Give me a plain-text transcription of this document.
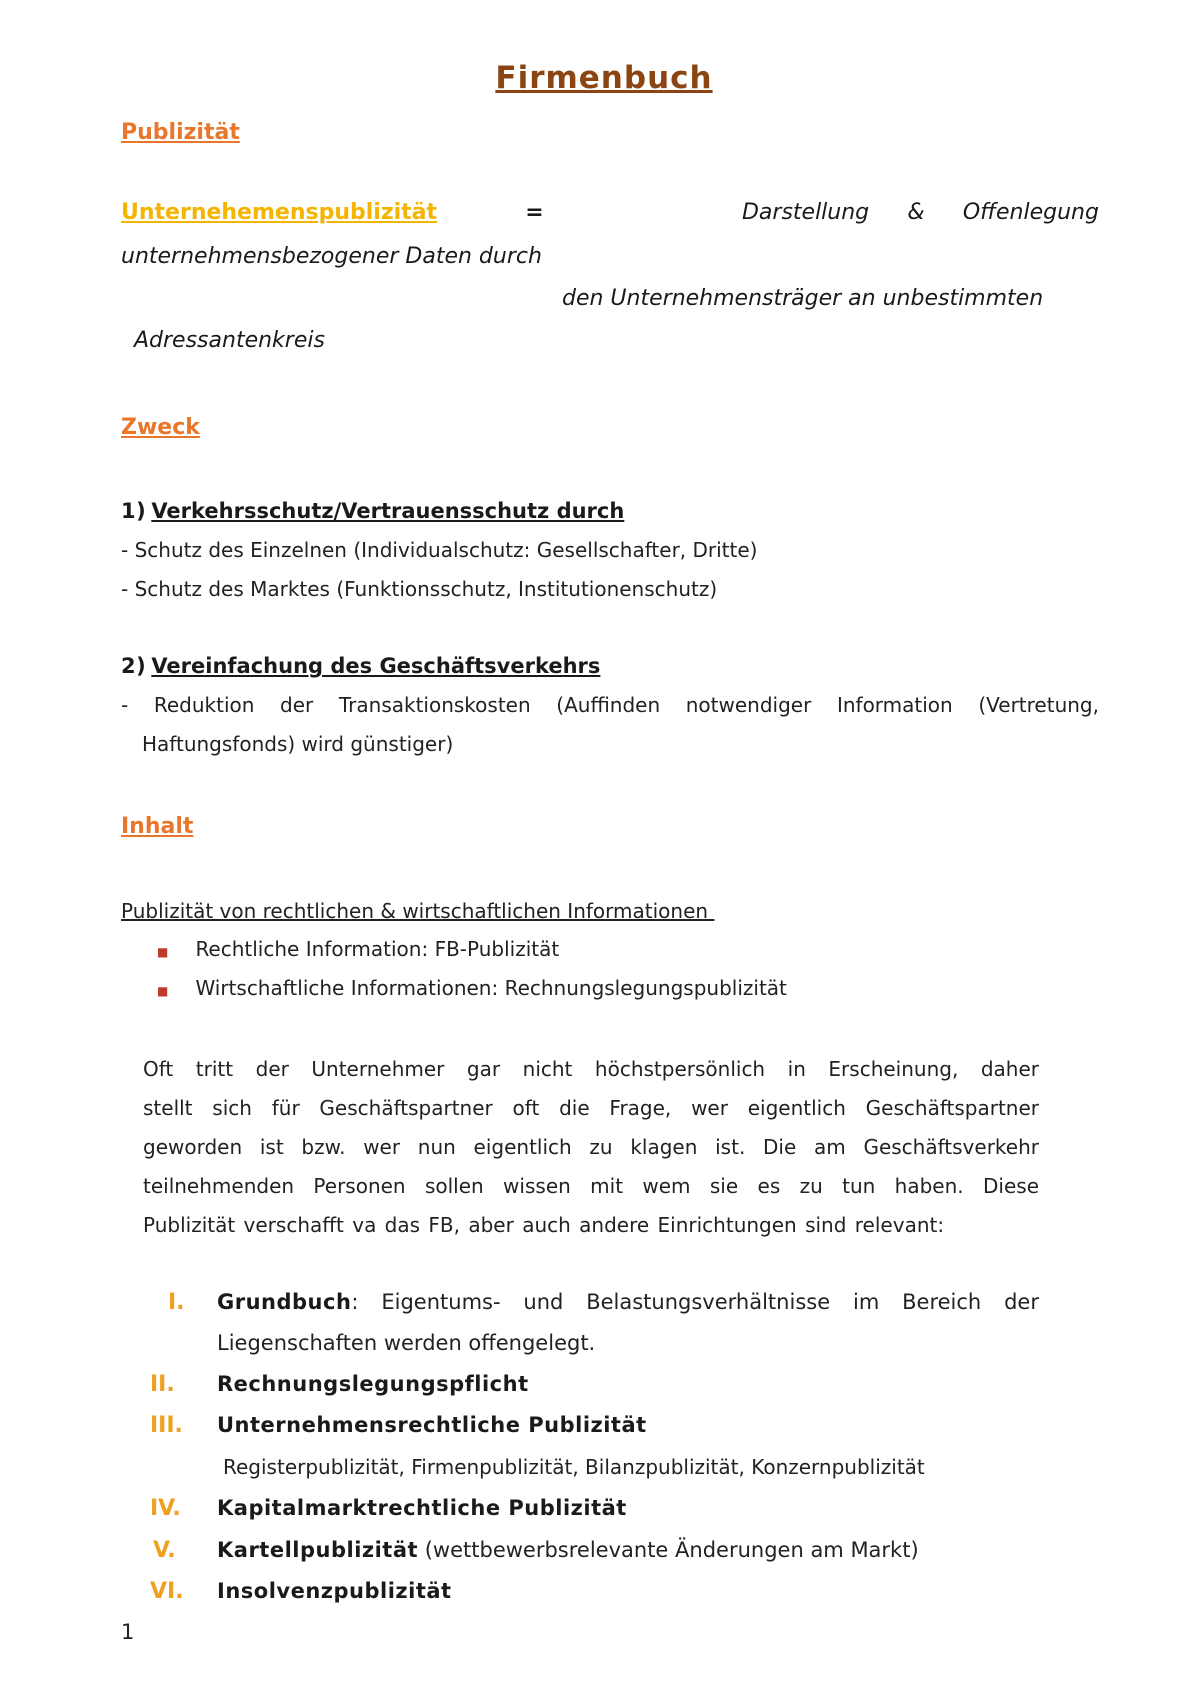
Firmenbuch
Publizität
Unternehemenspublizität	=	Darstellung & Offenlegung
unternehmensbezogener Daten durch
den Unternehmensträger an unbestimmten
Adressantenkreis
Zweck
1) Verkehrsschutz/Vertrauensschutz durch
- Schutz des Einzelnen (Individualschutz: Gesellschafter, Dritte)
- Schutz des Marktes (Funktionsschutz, Institutionenschutz)
2) Vereinfachung des Geschäftsverkehrs
- Reduktion der Transaktionskosten (Auffinden notwendiger Information (Vertretung,
Haftungsfonds) wird günstiger)
Inhalt
Publizität von rechtlichen & wirtschaftlichen Informationen
■ Rechtliche Information: FB-Publizität
■ Wirtschaftliche Informationen: Rechnungslegungspublizität
Oft tritt der Unternehmer gar nicht höchstpersönlich in Erscheinung, daher
stellt sich für Geschäftspartner oft die Frage, wer eigentlich Geschäftspartner
geworden ist bzw. wer nun eigentlich zu klagen ist. Die am Geschäftsverkehr
teilnehmenden Personen sollen wissen mit wem sie es zu tun haben. Diese
Publizität verschafft va das FB, aber auch andere Einrichtungen sind relevant:
I. Grundbuch : Eigentums- und Belastungsverhältnisse im Bereich der
Liegenschaften werden offengelegt.
II. Rechnungslegungspflicht
III. Unternehmensrechtliche Publizität
Registerpublizität, Firmenpublizität, Bilanzpublizität, Konzernpublizität
IV. Kapitalmarktrechtliche Publizität
V. Kartellpublizität (wettbewerbsrelevante Änderungen am Markt)
VI. Insolvenzpublizität
1
